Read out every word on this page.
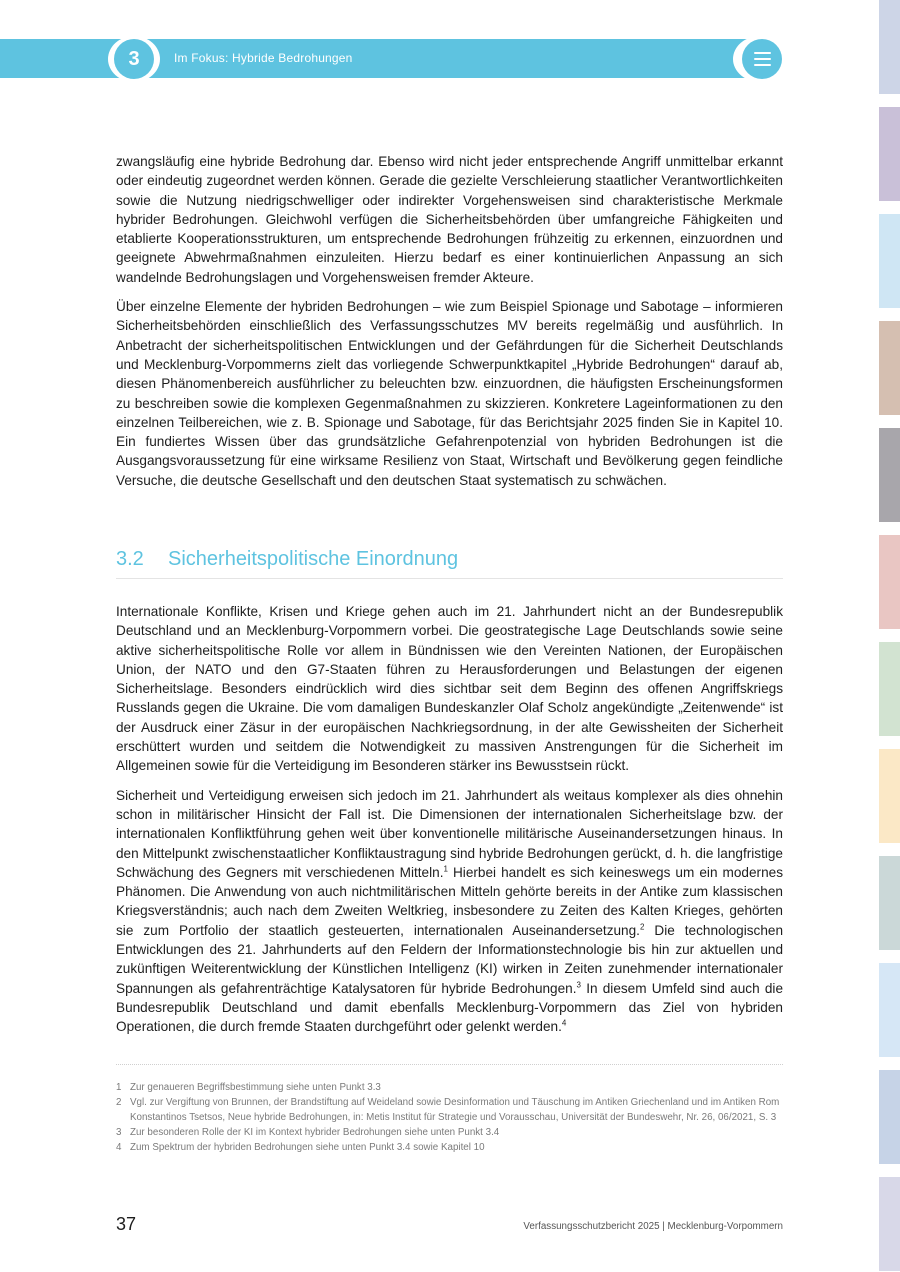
3	Im Fokus: Hybride Bedrohungen

zwangsläufig eine hybride Bedrohung dar. Ebenso wird nicht jeder entsprechende Angriff unmittelbar erkannt oder eindeutig zugeordnet werden können. Gerade die gezielte Verschleierung staatlicher Verantwortlichkeiten sowie die Nutzung niedrigschwelliger oder indirekter Vorgehensweisen sind charakteristische Merkmale hybrider Bedrohungen. Gleichwohl verfügen die Sicherheitsbehörden über umfangreiche Fähigkeiten und etablierte Kooperationsstrukturen, um entsprechende Bedrohungen frühzeitig zu erkennen, einzuordnen und geeignete Abwehrmaßnahmen einzuleiten. Hierzu bedarf es einer kontinuierlichen Anpassung an sich wandelnde Bedrohungslagen und Vorgehensweisen fremder Akteure.

Über einzelne Elemente der hybriden Bedrohungen – wie zum Beispiel Spionage und Sabotage – informieren Sicherheitsbehörden einschließlich des Verfassungsschutzes MV bereits regelmäßig und ausführlich. In Anbetracht der sicherheitspolitischen Entwicklungen und der Gefährdungen für die Sicherheit Deutschlands und Mecklenburg-Vorpommerns zielt das vorliegende Schwerpunktkapitel „Hybride Bedrohungen“ darauf ab, diesen Phänomenbereich ausführlicher zu beleuchten bzw. einzuordnen, die häufigsten Erscheinungsformen zu beschreiben sowie die komplexen Gegenmaßnahmen zu skizzieren. Konkretere Lageinformationen zu den einzelnen Teilbereichen, wie z. B. Spionage und Sabotage, für das Berichtsjahr 2025 finden Sie in Kapitel 10. Ein fundiertes Wissen über das grundsätzliche Gefahrenpotenzial von hybriden Bedrohungen ist die Ausgangsvoraussetzung für eine wirksame Resilienz von Staat, Wirtschaft und Bevölkerung gegen feindliche Versuche, die deutsche Gesellschaft und den deutschen Staat systematisch zu schwächen.

3.2 Sicherheitspolitische Einordnung

Internationale Konflikte, Krisen und Kriege gehen auch im 21. Jahrhundert nicht an der Bundesrepublik Deutschland und an Mecklenburg-Vorpommern vorbei. Die geostrategische Lage Deutschlands sowie seine aktive sicherheitspolitische Rolle vor allem in Bündnissen wie den Vereinten Nationen, der Europäischen Union, der NATO und den G7-Staaten führen zu Herausforderungen und Belastungen der eigenen Sicherheitslage. Besonders eindrücklich wird dies sichtbar seit dem Beginn des offenen Angriffskriegs Russlands gegen die Ukraine. Die vom damaligen Bundeskanzler Olaf Scholz angekündigte „Zeitenwende“ ist der Ausdruck einer Zäsur in der europäischen Nachkriegsordnung, in der alte Gewissheiten der Sicherheit erschüttert wurden und seitdem die Notwendigkeit zu massiven Anstrengungen für die Sicherheit im Allgemeinen sowie für die Verteidigung im Besonderen stärker ins Bewusstsein rückt.

Sicherheit und Verteidigung erweisen sich jedoch im 21. Jahrhundert als weitaus komplexer als dies ohnehin schon in militärischer Hinsicht der Fall ist. Die Dimensionen der internationalen Sicherheitslage bzw. der internationalen Konfliktführung gehen weit über konventionelle militärische Auseinandersetzungen hinaus. In den Mittelpunkt zwischenstaatlicher Konfliktaustragung sind hybride Bedrohungen gerückt, d. h. die langfristige Schwächung des Gegners mit verschiedenen Mitteln.$^1$ Hierbei handelt es sich keineswegs um ein modernes Phänomen. Die Anwendung von auch nichtmilitärischen Mitteln gehörte bereits in der Antike zum klassischen Kriegsverständnis; auch nach dem Zweiten Weltkrieg, insbesondere zu Zeiten des Kalten Krieges, gehörten sie zum Portfolio der staatlich gesteuerten, internationalen Auseinandersetzung.$^2$ Die technologischen Entwicklungen des 21. Jahrhunderts auf den Feldern der Informationstechnologie bis hin zur aktuellen und zukünftigen Weiterentwicklung der Künstlichen Intelligenz (KI) wirken in Zeiten zunehmender internationaler Spannungen als gefahrenträchtige Katalysatoren für hybride Bedrohungen.$^3$ In diesem Umfeld sind auch die Bundesrepublik Deutschland und damit ebenfalls Mecklenburg-Vorpommern das Ziel von hybriden Operationen, die durch fremde Staaten durchgeführt oder gelenkt werden.$^4$

1 Zur genaueren Begriffsbestimmung siehe unten Punkt 3.3

2 Vgl. zur Vergiftung von Brunnen, der Brandstiftung auf Weideland sowie Desinformation und Täuschung im Antiken Griechenland und im Antiken Rom Konstantinos Tsetsos, Neue hybride Bedrohungen, in: Metis Institut für Strategie und Vorausschau, Universität der Bundeswehr, Nr. 26, 06/2021, S. 3

3 Zur besonderen Rolle der KI im Kontext hybrider Bedrohungen siehe unten Punkt 3.4

4 Zum Spektrum der hybriden Bedrohungen siehe unten Punkt 3.4 sowie Kapitel 10

37	Verfassungsschutzbericht 2025 | Mecklenburg-Vorpommern
